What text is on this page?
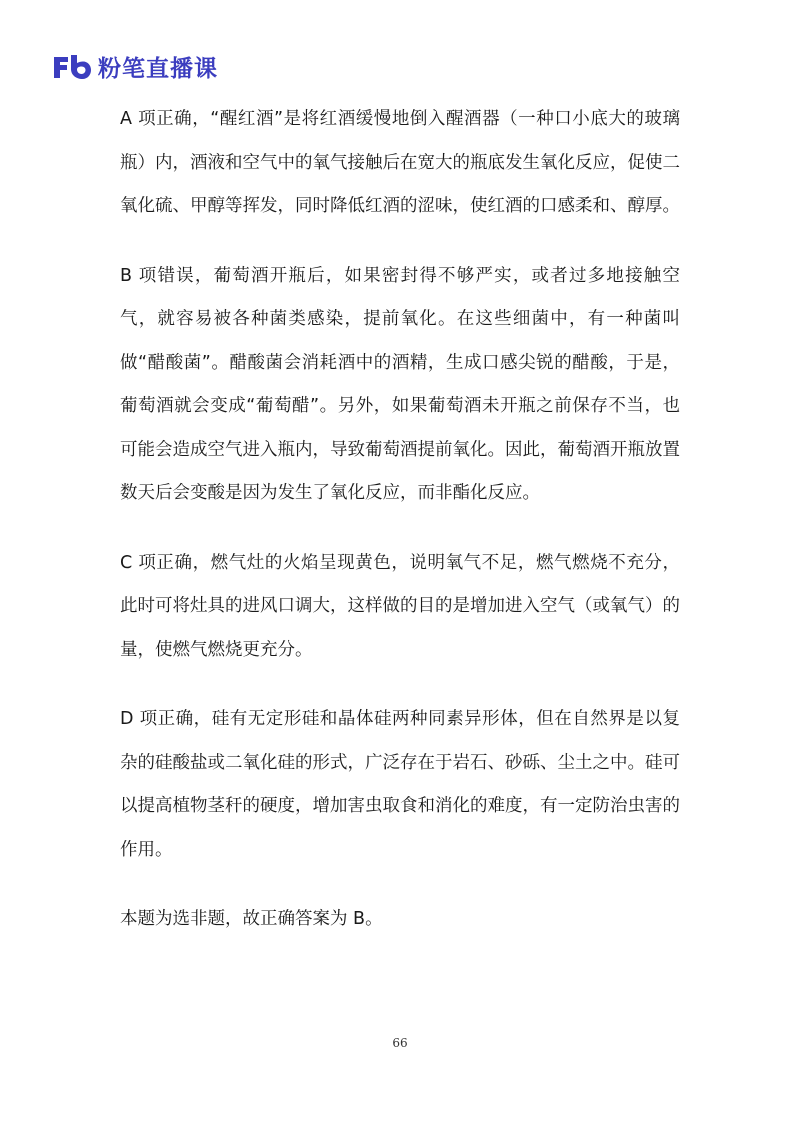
粉笔直播课

A 项正确，“醒红酒”是将红酒缓慢地倒入醒酒器（一种口小底大的玻璃瓶）内，酒液和空气中的氧气接触后在宽大的瓶底发生氧化反应，促使二氧化硫、甲醇等挥发，同时降低红酒的涩味，使红酒的口感柔和、醇厚。

B 项错误，葡萄酒开瓶后，如果密封得不够严实，或者过多地接触空气，就容易被各种菌类感染，提前氧化。在这些细菌中，有一种菌叫做“醋酸菌”。醋酸菌会消耗酒中的酒精，生成口感尖锐的醋酸，于是，葡萄酒就会变成“葡萄醋”。另外，如果葡萄酒未开瓶之前保存不当，也可能会造成空气进入瓶内，导致葡萄酒提前氧化。因此，葡萄酒开瓶放置数天后会变酸是因为发生了氧化反应，而非酯化反应。

C 项正确，燃气灶的火焰呈现黄色，说明氧气不足，燃气燃烧不充分，此时可将灶具的进风口调大，这样做的目的是增加进入空气（或氧气）的量，使燃气燃烧更充分。

D 项正确，硅有无定形硅和晶体硅两种同素异形体，但在自然界是以复杂的硅酸盐或二氧化硅的形式，广泛存在于岩石、砂砾、尘土之中。硅可以提高植物茎秆的硬度，增加害虫取食和消化的难度，有一定防治虫害的作用。

本题为选非题，故正确答案为 B。

66
